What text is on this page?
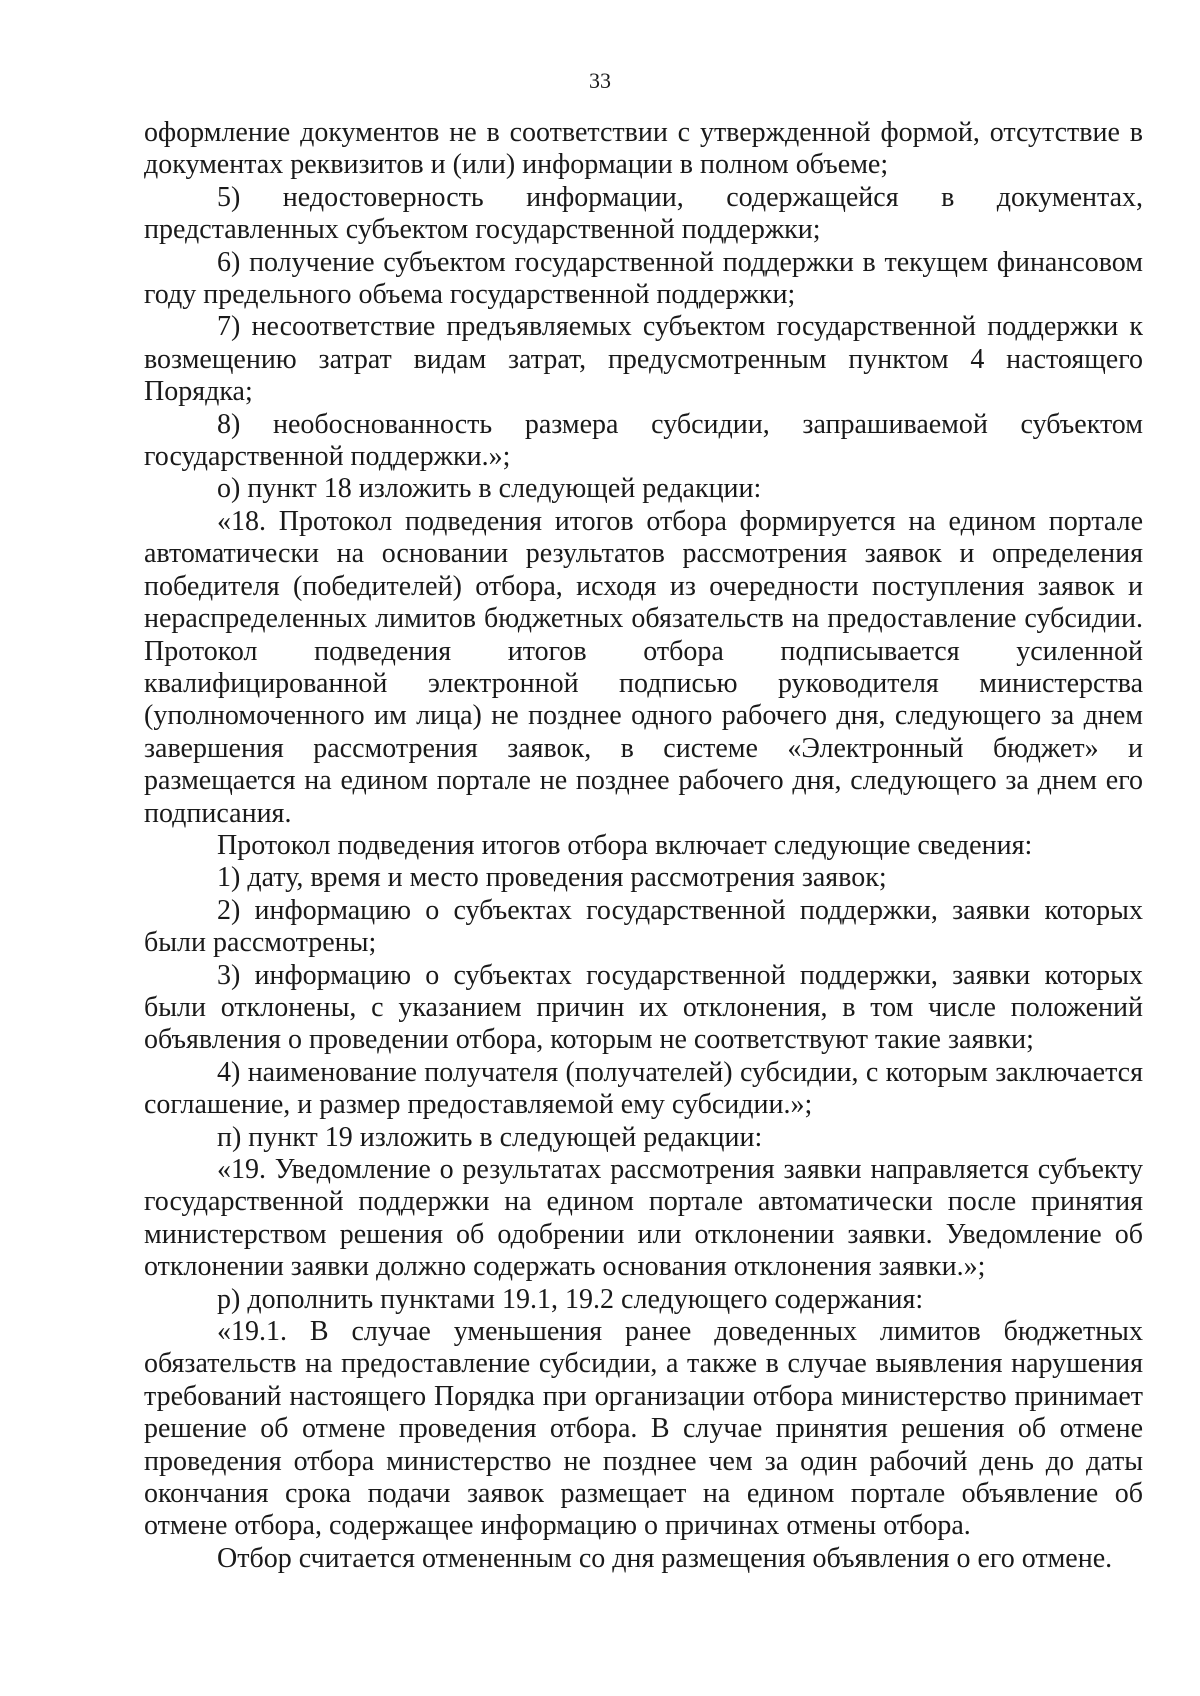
33

оформление документов не в соответствии с утвержденной формой, отсутствие в документах реквизитов и (или) информации в полном объеме;

5) недостоверность информации, содержащейся в документах, представленных субъектом государственной поддержки;

6) получение субъектом государственной поддержки в текущем финансовом году предельного объема государственной поддержки;

7) несоответствие предъявляемых субъектом государственной поддержки к возмещению затрат видам затрат, предусмотренным пунктом 4 настоящего Порядка;

8) необоснованность размера субсидии, запрашиваемой субъектом государственной поддержки.»;

о) пункт 18 изложить в следующей редакции:

«18. Протокол подведения итогов отбора формируется на едином портале автоматически на основании результатов рассмотрения заявок и определения победителя (победителей) отбора, исходя из очередности поступления заявок и нераспределенных лимитов бюджетных обязательств на предоставление субсидии. Протокол подведения итогов отбора подписывается усиленной квалифицированной электронной подписью руководителя министерства (уполномоченного им лица) не позднее одного рабочего дня, следующего за днем завершения рассмотрения заявок, в системе «Электронный бюджет» и размещается на едином портале не позднее рабочего дня, следующего за днем его подписания.

Протокол подведения итогов отбора включает следующие сведения:

1) дату, время и место проведения рассмотрения заявок;

2) информацию о субъектах государственной поддержки, заявки которых были рассмотрены;

3) информацию о субъектах государственной поддержки, заявки которых были отклонены, с указанием причин их отклонения, в том числе положений объявления о проведении отбора, которым не соответствуют такие заявки;

4) наименование получателя (получателей) субсидии, с которым заключается соглашение, и размер предоставляемой ему субсидии.»;

п) пункт 19 изложить в следующей редакции:

«19. Уведомление о результатах рассмотрения заявки направляется субъекту государственной поддержки на едином портале автоматически после принятия министерством решения об одобрении или отклонении заявки. Уведомление об отклонении заявки должно содержать основания отклонения заявки.»;

р) дополнить пунктами 19.1, 19.2 следующего содержания:

«19.1. В случае уменьшения ранее доведенных лимитов бюджетных обязательств на предоставление субсидии, а также в случае выявления нарушения требований настоящего Порядка при организации отбора министерство принимает решение об отмене проведения отбора. В случае принятия решения об отмене проведения отбора министерство не позднее чем за один рабочий день до даты окончания срока подачи заявок размещает на едином портале объявление об отмене отбора, содержащее информацию о причинах отмены отбора.

Отбор считается отмененным со дня размещения объявления о его отмене.
